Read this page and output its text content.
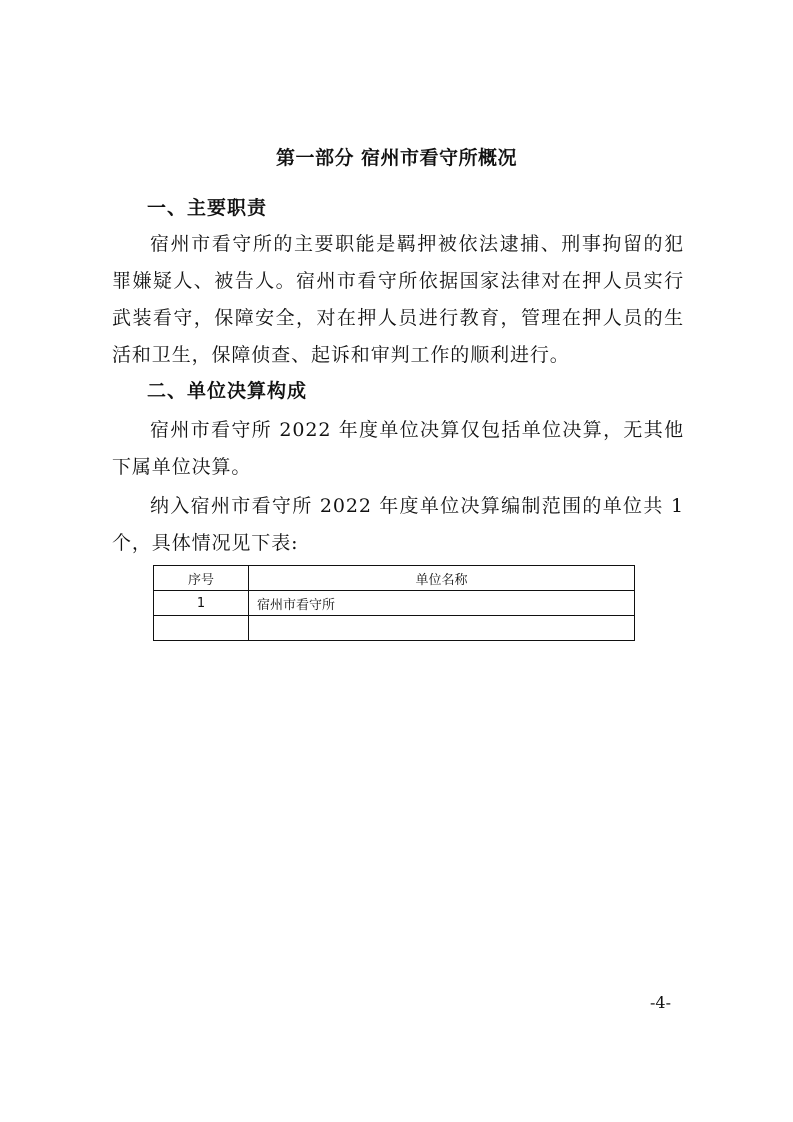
第一部分 宿州市看守所概况
一、主要职责

宿州市看守所的主要职能是羁押被依法逮捕、刑事拘留的犯罪嫌疑人、被告人。宿州市看守所依据国家法律对在押人员实行武装看守，保障安全，对在押人员进行教育，管理在押人员的生活和卫生，保障侦查、起诉和审判工作的顺利进行。

二、单位决算构成

宿州市看守所 2022 年度单位决算仅包括单位决算，无其他下属单位决算。

纳入宿州市看守所 2022 年度单位决算编制范围的单位共 1 个，具体情况见下表:

序号	单位名称
1	宿州市看守所

-4-
